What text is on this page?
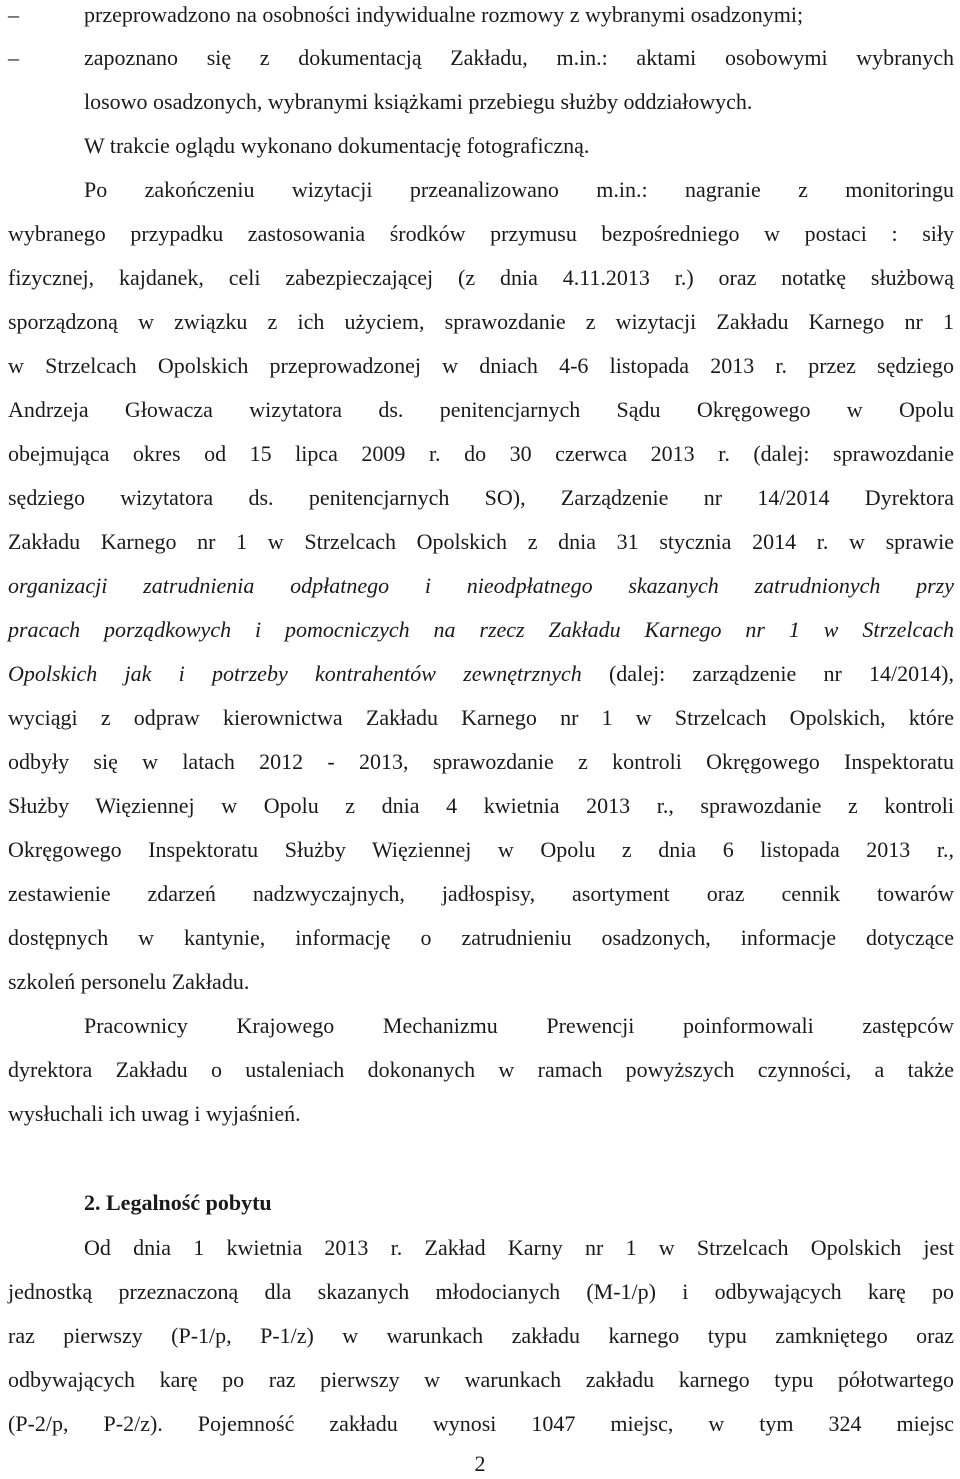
–	przeprowadzono na osobności indywidualne rozmowy z wybranymi osadzonymi;
–	zapoznano się z dokumentacją Zakładu, m.in.: aktami osobowymi wybranych
losowo osadzonych, wybranymi książkami przebiegu służby oddziałowych.
W trakcie oglądu wykonano dokumentację fotograficzną.
Po zakończeniu wizytacji przeanalizowano m.in.: nagranie z monitoringu
wybranego przypadku zastosowania środków przymusu bezpośredniego w postaci : siły
fizycznej, kajdanek, celi zabezpieczającej (z dnia 4.11.2013 r.) oraz notatkę służbową
sporządzoną w związku z ich użyciem, sprawozdanie z wizytacji Zakładu Karnego nr 1
w Strzelcach Opolskich przeprowadzonej w dniach 4-6 listopada 2013 r. przez sędziego
Andrzeja Głowacza wizytatora ds. penitencjarnych Sądu Okręgowego w Opolu
obejmująca okres od 15 lipca 2009 r. do 30 czerwca 2013 r. (dalej: sprawozdanie
sędziego wizytatora ds. penitencjarnych SO), Zarządzenie nr 14/2014 Dyrektora
Zakładu Karnego nr 1 w Strzelcach Opolskich z dnia 31 stycznia 2014 r. w sprawie
organizacji zatrudnienia odpłatnego i nieodpłatnego skazanych zatrudnionych przy
pracach porządkowych i pomocniczych na rzecz Zakładu Karnego nr 1 w Strzelcach
Opolskich jak i potrzeby kontrahentów zewnętrznych (dalej: zarządzenie nr 14/2014),
wyciągi z odpraw kierownictwa Zakładu Karnego nr 1 w Strzelcach Opolskich, które
odbyły się w latach 2012 - 2013, sprawozdanie z kontroli Okręgowego Inspektoratu
Służby Więziennej w Opolu z dnia 4 kwietnia 2013 r., sprawozdanie z kontroli
Okręgowego Inspektoratu Służby Więziennej w Opolu z dnia 6 listopada 2013 r.,
zestawienie zdarzeń nadzwyczajnych, jadłospisy, asortyment oraz cennik towarów
dostępnych w kantynie, informację o zatrudnieniu osadzonych, informacje dotyczące
szkoleń personelu Zakładu.
Pracownicy Krajowego Mechanizmu Prewencji poinformowali zastępców
dyrektora Zakładu o ustaleniach dokonanych w ramach powyższych czynności, a także
wysłuchali ich uwag i wyjaśnień.
2. Legalność pobytu
Od dnia 1 kwietnia 2013 r. Zakład Karny nr 1 w Strzelcach Opolskich jest
jednostką przeznaczoną dla skazanych młodocianych (M-1/p) i odbywających karę po
raz pierwszy (P-1/p, P-1/z) w warunkach zakładu karnego typu zamkniętego oraz
odbywających karę po raz pierwszy w warunkach zakładu karnego typu półotwartego
(P-2/p, P-2/z). Pojemność zakładu wynosi 1047 miejsc, w tym 324 miejsc
2
